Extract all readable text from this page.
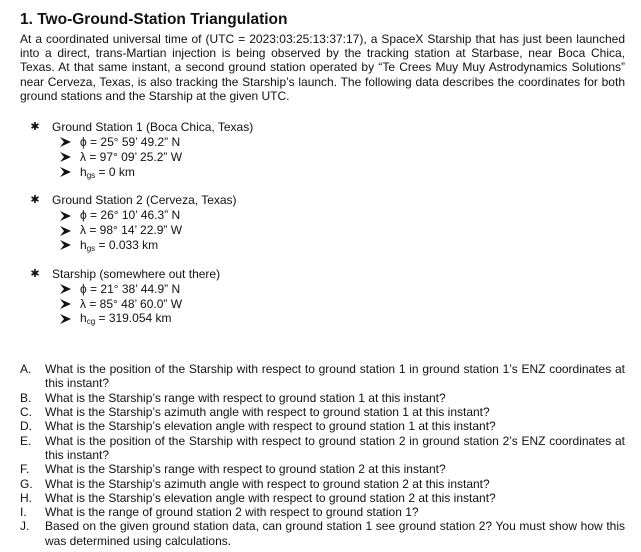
1. Two-Ground-Station Triangulation
At a coordinated universal time of (UTC = 2023:03:25:13:37:17), a SpaceX Starship that has just been launched into a direct, trans-Martian injection is being observed by the tracking station at Starbase, near Boca Chica, Texas. At that same instant, a second ground station operated by “Te Crees Muy Muy Astrodynamics Solutions” near Cerveza, Texas, is also tracking the Starship’s launch. The following data describes the coordinates for both ground stations and the Starship at the given UTC.
✱ Ground Station 1 (Boca Chica, Texas)
ϕ = 25° 59’ 49.2” N
λ = 97° 09’ 25.2” W
$h_{gs} = 0$ km
✱ Ground Station 2 (Cerveza, Texas)
ϕ = 26° 10’ 46.3” N
λ = 98° 14’ 22.9” W
$h_{gs} = 0.033$ km
✱ Starship (somewhere out there)
ϕ = 21° 38’ 44.9” N
λ = 85° 48’ 60.0” W
$h_{cg} = 319.054$ km
A.	What is the position of the Starship with respect to ground station 1 in ground station 1’s ENZ coordinates at this instant?
B.	What is the Starship’s range with respect to ground station 1 at this instant?
C.	What is the Starship’s azimuth angle with respect to ground station 1 at this instant?
D.	What is the Starship’s elevation angle with respect to ground station 1 at this instant?
E.	What is the position of the Starship with respect to ground station 2 in ground station 2’s ENZ coordinates at this instant?
F.	What is the Starship’s range with respect to ground station 2 at this instant?
G.	What is the Starship’s azimuth angle with respect to ground station 2 at this instant?
H.	What is the Starship’s elevation angle with respect to ground station 2 at this instant?
I.	What is the range of ground station 2 with respect to ground station 1?
J.	Based on the given ground station data, can ground station 1 see ground station 2? You must show how this was determined using calculations.
